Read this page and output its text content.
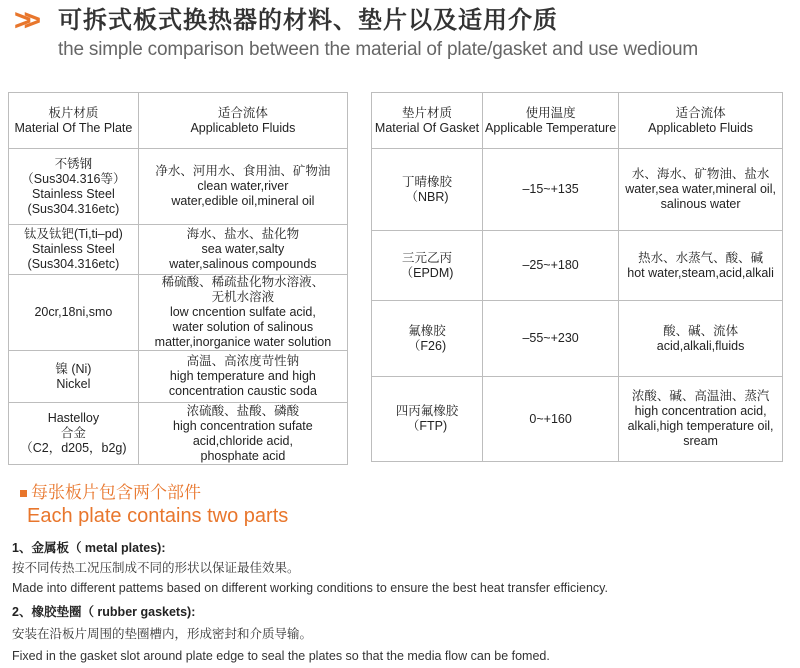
>> 可拆式板式换热器的材料、垫片以及适用介质
the simple comparison between the material of plate/gasket and use wedioum
板片材质
Material Of The Plate	适合流体
Applicableto Fluids

不锈钢
（Sus304.316等）
Stainless Steel
(Sus304.316etc)	净水、河用水、食用油、矿物油
clean water,river
water,edible oil,mineral oil

钛及钛钯(Ti,ti–pd)
Stainless Steel
(Sus304.316etc)	海水、盐水、盐化物
sea water,salty
water,salinous compounds

20cr,18ni,smo	稀硫酸、稀疏盐化物水溶液、
无机水溶液
low cncention sulfate acid,
water solution of salinous
matter,inorganice water solution

镍 (Ni)
Nickel	高温、高浓度苛性钠
high temperature and high
concentration caustic soda

Hastelloy
合金
（C2，d205，b2g)	浓硫酸、盐酸、磷酸
high concentration sufate
acid,chloride acid,
phosphate acid
垫片材质
Material Of Gasket	使用温度
Applicable Temperature	适合流体
Applicableto Fluids

丁晴橡胶
（NBR)	–15~+135	水、海水、矿物油、盐水
water,sea water,mineral oil,
salinous water

三元乙丙
（EPDM)	–25~+180	热水、水蒸气、酸、碱
hot water,steam,acid,alkali

氟橡胶
（F26)	–55~+230	酸、碱、流体
acid,alkali,fluids

四丙氟橡胶
（FTP)	0~+160	浓酸、碱、高温油、蒸汽
high concentration acid,
alkali,high temperature oil,
sream
每张板片包含两个部件
Each plate contains two parts
1、金属板（ metal plates):
按不同传热工况压制成不同的形状以保证最佳效果。
Made into different pattems based on different working conditions to ensure the best heat transfer efficiency.
2、橡胶垫圈（ rubber gaskets):
安装在沿板片周围的垫圈槽内，形成密封和介质导输。
Fixed in the gasket slot around plate edge to seal the plates so that the media flow can be fomed.
